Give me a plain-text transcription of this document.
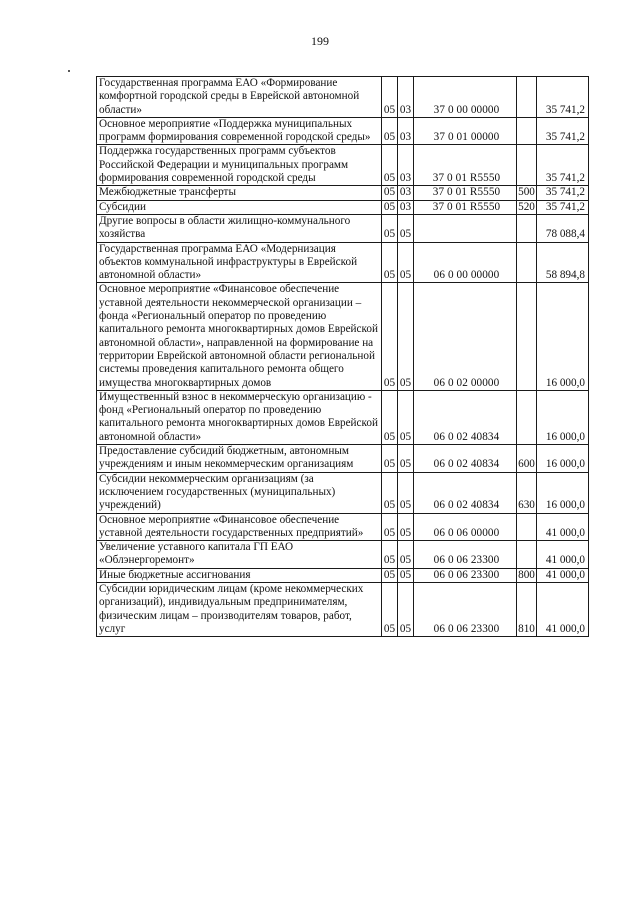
199
Государственная программа ЕАО «Формирование комфортной городской среды в Еврейской автономной области»	05	03	37 0 00 00000		35 741,2
Основное мероприятие «Поддержка муниципальных программ формирования современной городской среды»	05	03	37 0 01 00000		35 741,2
Поддержка государственных программ субъектов Российской Федерации и муниципальных программ формирования современной городской среды	05	03	37 0 01 R5550		35 741,2
Межбюджетные трансферты	05	03	37 0 01 R5550	500	35 741,2
Субсидии	05	03	37 0 01 R5550	520	35 741,2
Другие вопросы в области жилищно-коммунального хозяйства	05	05			78 088,4
Государственная программа ЕАО «Модернизация объектов коммунальной инфраструктуры в Еврейской автономной области»	05	05	06 0 00 00000		58 894,8
Основное мероприятие «Финансовое обеспечение уставной деятельности некоммерческой организации – фонда «Региональный оператор по проведению капитального ремонта многоквартирных домов Еврейской автономной области», направленной на формирование на территории Еврейской автономной области региональной системы проведения капитального ремонта общего имущества многоквартирных домов	05	05	06 0 02 00000		16 000,0
Имущественный взнос в некоммерческую организацию - фонд «Региональный оператор по проведению капитального ремонта многоквартирных домов Еврейской автономной области»	05	05	06 0 02 40834		16 000,0
Предоставление субсидий бюджетным, автономным учреждениям и иным некоммерческим организациям	05	05	06 0 02 40834	600	16 000,0
Субсидии некоммерческим организациям (за исключением государственных (муниципальных) учреждений)	05	05	06 0 02 40834	630	16 000,0
Основное мероприятие «Финансовое обеспечение уставной деятельности государственных предприятий»	05	05	06 0 06 00000		41 000,0
Увеличение уставного капитала ГП ЕАО «Облэнергоремонт»	05	05	06 0 06 23300		41 000,0
Иные бюджетные ассигнования	05	05	06 0 06 23300	800	41 000,0
Субсидии юридическим лицам (кроме некоммерческих организаций), индивидуальным предпринимателям, физическим лицам – производителям товаров, работ, услуг	05	05	06 0 06 23300	810	41 000,0
